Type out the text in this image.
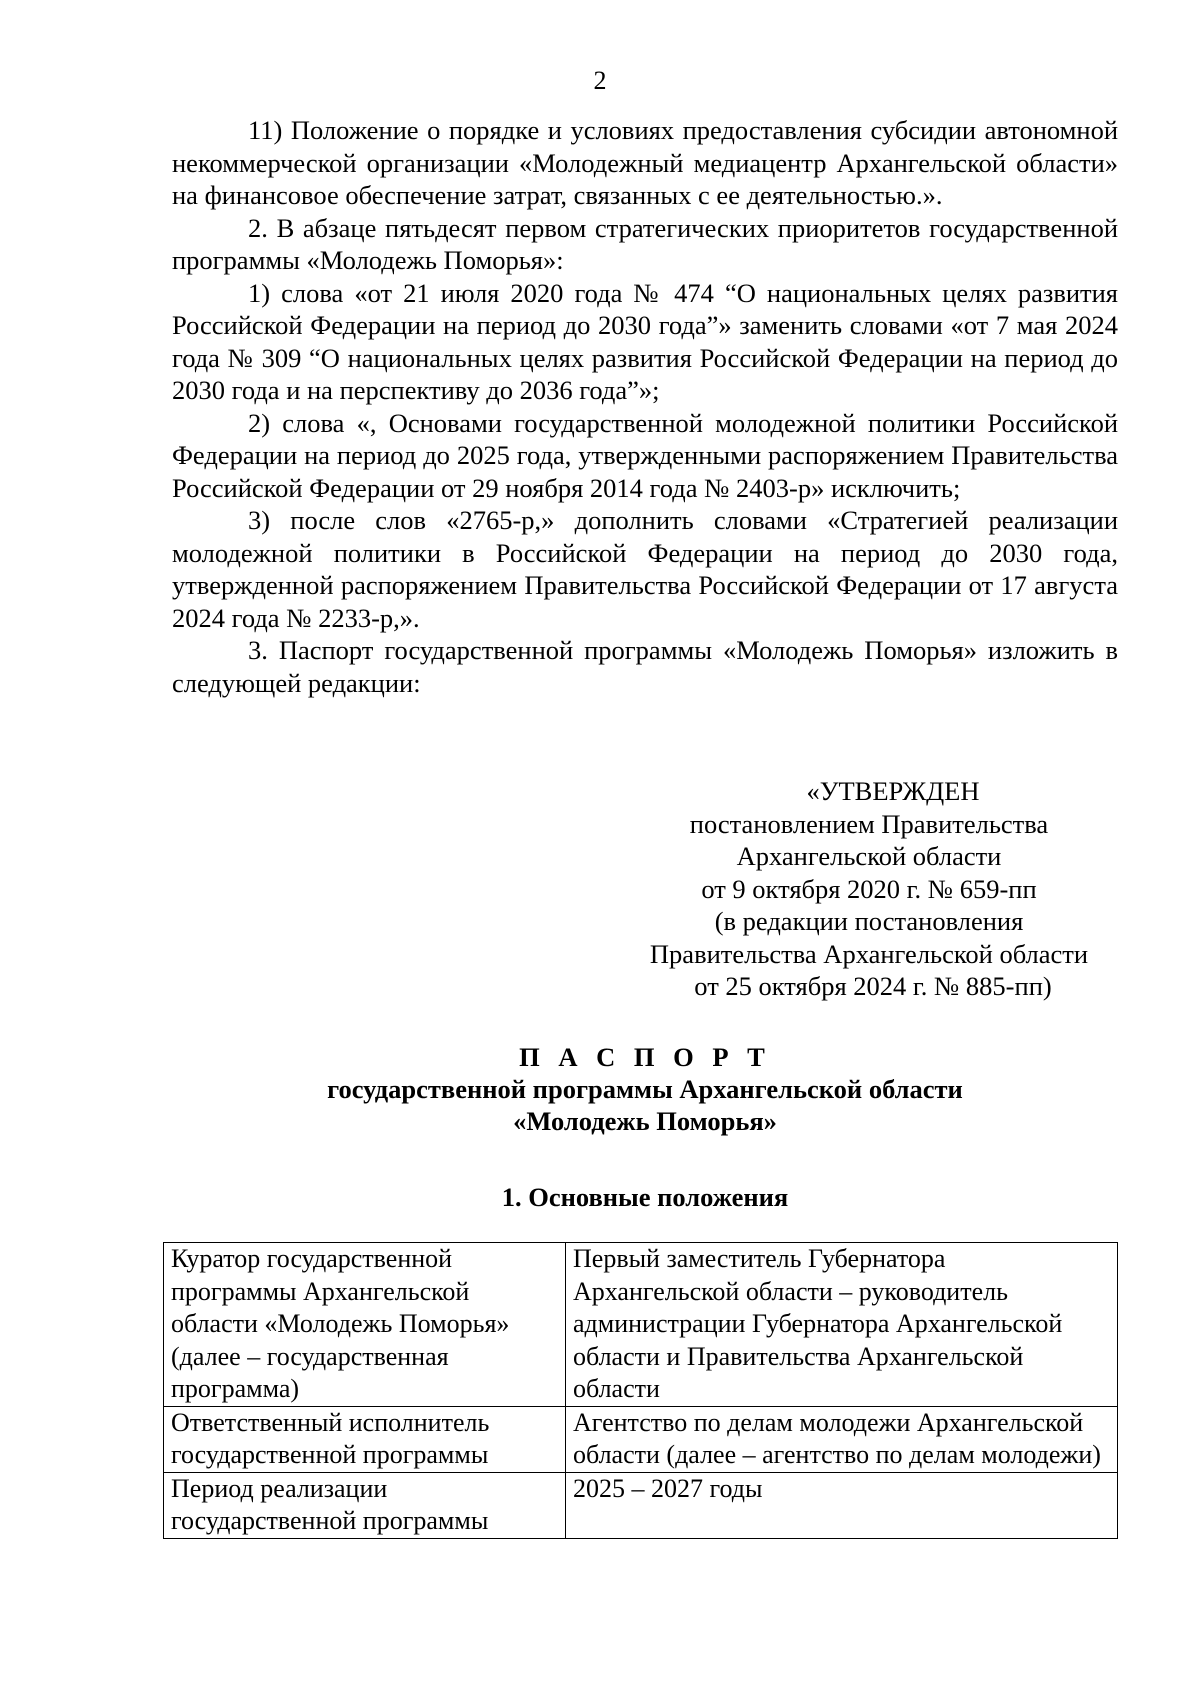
2

11) Положение о порядке и условиях предоставления субсидии автономной некоммерческой организации «Молодежный медиацентр Архангельской области» на финансовое обеспечение затрат, связанных с ее деятельностью.».

2. В абзаце пятьдесят первом стратегических приоритетов государственной программы «Молодежь Поморья»:

1) слова «от 21 июля 2020 года № 474 “О национальных целях развития Российской Федерации на период до 2030 года”» заменить словами «от 7 мая 2024 года № 309 “О национальных целях развития Российской Федерации на период до 2030 года и на перспективу до 2036 года”»;

2) слова «, Основами государственной молодежной политики Российской Федерации на период до 2025 года, утвержденными распоряжением Правительства Российской Федерации от 29 ноября 2014 года № 2403-р» исключить;

3) после слов «2765-р,» дополнить словами «Стратегией реализации молодежной политики в Российской Федерации на период до 2030 года, утвержденной распоряжением Правительства Российской Федерации от 17 августа 2024 года № 2233-р,».

3. Паспорт государственной программы «Молодежь Поморья» изложить в следующей редакции:

«УТВЕРЖДЕН
постановлением Правительства
Архангельской области
от 9 октября 2020 г. № 659-пп
(в редакции постановления
Правительства Архангельской области
от 25 октября 2024 г. № 885-пп)
П А С П О Р Т
государственной программы Архангельской области
«Молодежь Поморья»
1. Основные положения
Куратор государственной программы Архангельской области «Молодежь Поморья» (далее – государственная программа)	Первый заместитель Губернатора Архангельской области – руководитель администрации Губернатора Архангельской области и Правительства Архангельской области
Ответственный исполнитель государственной программы	Агентство по делам молодежи Архангельской области (далее – агентство по делам молодежи)
Период реализации государственной программы	2025 – 2027 годы
